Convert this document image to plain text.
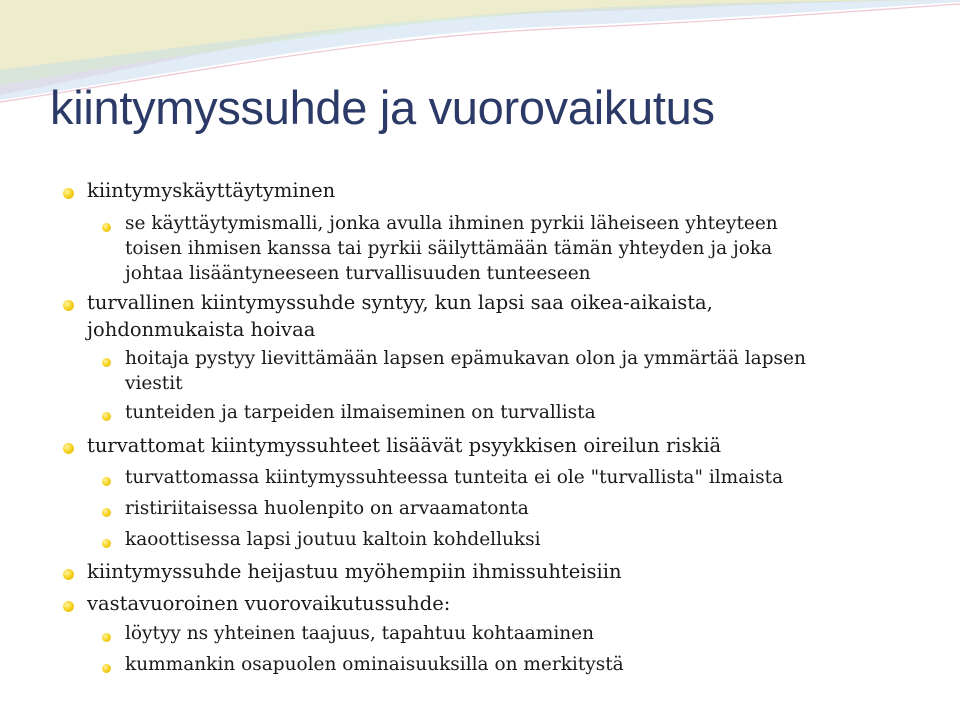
kiintymyssuhde ja vuorovaikutus

kiintymyskäyttäytyminen

se käyttäytymismalli, jonka avulla ihminen pyrkii läheiseen yhteyteen

toisen ihmisen kanssa tai pyrkii säilyttämään tämän yhteyden ja joka

johtaa lisääntyneeseen turvallisuuden tunteeseen

turvallinen kiintymyssuhde syntyy, kun lapsi saa oikea-aikaista,

johdonmukaista hoivaa

hoitaja pystyy lievittämään lapsen epämukavan olon ja ymmärtää lapsen

viestit

tunteiden ja tarpeiden ilmaiseminen on turvallista

turvattomat kiintymyssuhteet lisäävät psyykkisen oireilun riskiä

turvattomassa kiintymyssuhteessa tunteita ei ole "turvallista" ilmaista

ristiriitaisessa huolenpito on arvaamatonta

kaoottisessa lapsi joutuu kaltoin kohdelluksi

kiintymyssuhde heijastuu myöhempiin ihmissuhteisiin

vastavuoroinen vuorovaikutussuhde:

löytyy ns yhteinen taajuus, tapahtuu kohtaaminen

kummankin osapuolen ominaisuuksilla on merkitystä
